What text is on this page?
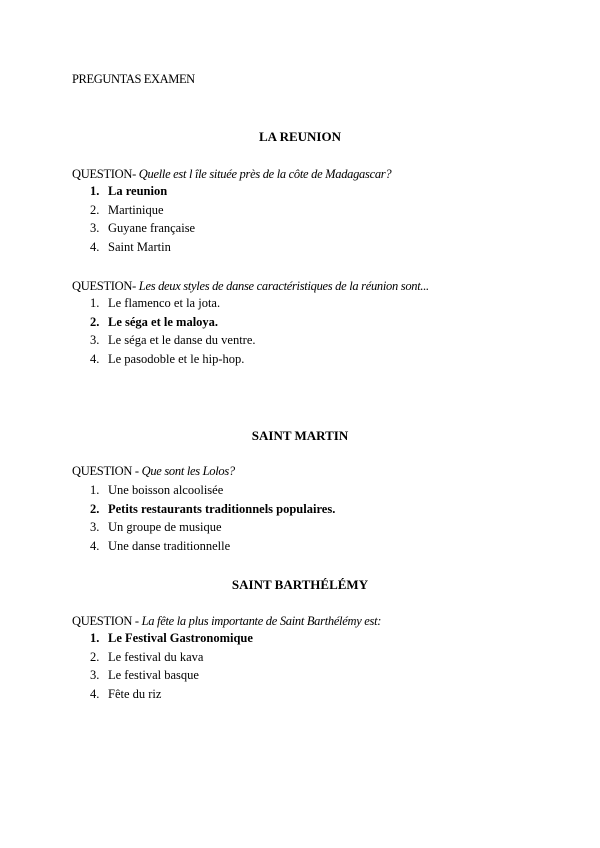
PREGUNTAS EXAMEN
LA REUNION

QUESTION- Quelle est l île située près de la côte de Madagascar?

1. La reunion
2. Martinique
3. Guyane française
4. Saint Martin

QUESTION- Les deux styles de danse caractéristiques de la réunion sont...

1. Le flamenco et la jota.
2. Le séga et le maloya.
3. Le séga et le danse du ventre.
4. Le pasodoble et le hip-hop.
SAINT MARTIN

QUESTION - Que sont les Lolos?

1. Une boisson alcoolisée
2. Petits restaurants traditionnels populaires.
3. Un groupe de musique
4. Une danse traditionnelle
SAINT BARTHÉLÉMY

QUESTION - La fête la plus importante de Saint Barthélémy est:

1. Le Festival Gastronomique
2. Le festival du kava
3. Le festival basque
4. Fête du riz
